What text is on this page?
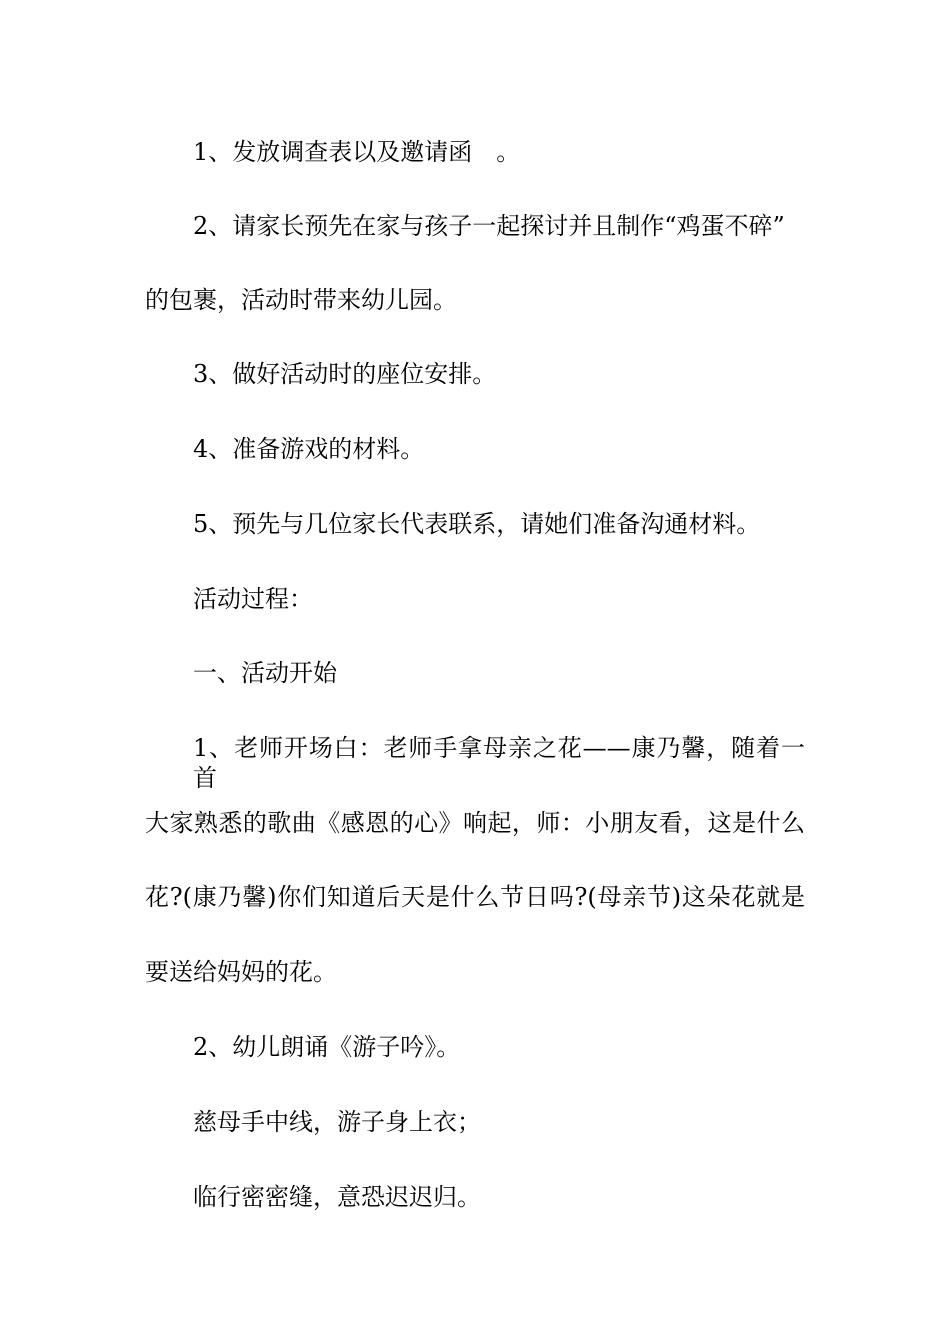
1、发放调查表以及邀请函　。
2、请家长预先在家与孩子一起探讨并且制作“鸡蛋不碎”
的包裹，活动时带来幼儿园。
3、做好活动时的座位安排。
4、准备游戏的材料。
5、预先与几位家长代表联系，请她们准备沟通材料。
活动过程：
一、活动开始
1、老师开场白：老师手拿母亲之花——康乃馨，随着一首
大家熟悉的歌曲《感恩的心》响起，师：小朋友看，这是什么
花?(康乃馨)你们知道后天是什么节日吗?(母亲节)这朵花就是
要送给妈妈的花。
2、幼儿朗诵《游子吟》。
慈母手中线，游子身上衣；
临行密密缝，意恐迟迟归。
